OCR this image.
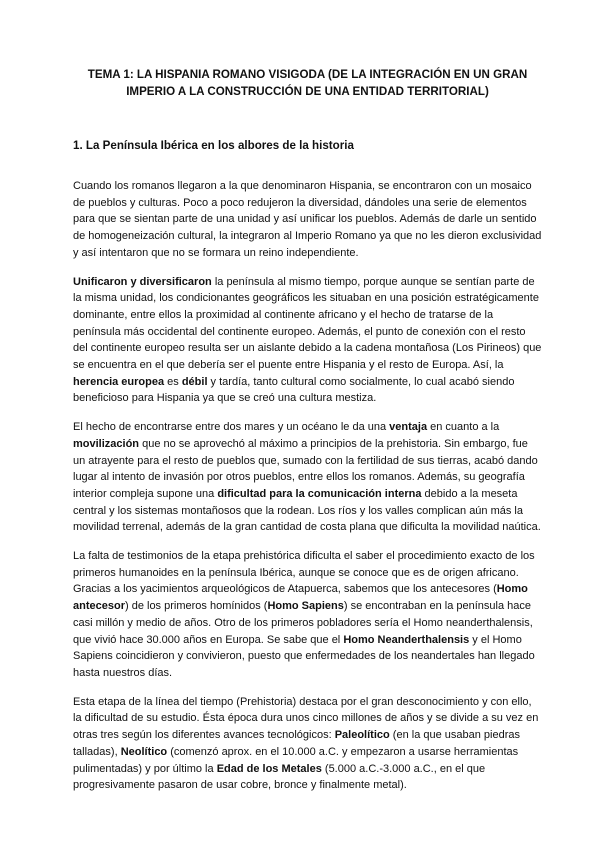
TEMA 1: LA HISPANIA ROMANO VISIGODA (DE LA INTEGRACIÓN EN UN GRAN IMPERIO A LA CONSTRUCCIÓN DE UNA ENTIDAD TERRITORIAL)
1. La Península Ibérica en los albores de la historia

Cuando los romanos llegaron a la que denominaron Hispania, se encontraron con un mosaico de pueblos y culturas. Poco a poco redujeron la diversidad, dándoles una serie de elementos para que se sientan parte de una unidad y así unificar los pueblos. Además de darle un sentido de homogeneización cultural, la integraron al Imperio Romano ya que no les dieron exclusividad y así intentaron que no se formara un reino independiente.

Unificaron y diversificaron la península al mismo tiempo, porque aunque se sentían parte de la misma unidad, los condicionantes geográficos les situaban en una posición estratégicamente dominante, entre ellos la proximidad al continente africano y el hecho de tratarse de la península más occidental del continente europeo. Además, el punto de conexión con el resto del continente europeo resulta ser un aislante debido a la cadena montañosa (Los Pirineos) que se encuentra en el que debería ser el puente entre Hispania y el resto de Europa. Así, la herencia europea es débil y tardía, tanto cultural como socialmente, lo cual acabó siendo beneficioso para Hispania ya que se creó una cultura mestiza.

El hecho de encontrarse entre dos mares y un océano le da una ventaja en cuanto a la movilización que no se aprovechó al máximo a principios de la prehistoria. Sin embargo, fue un atrayente para el resto de pueblos que, sumado con la fertilidad de sus tierras, acabó dando lugar al intento de invasión por otros pueblos, entre ellos los romanos. Además, su geografía interior compleja supone una dificultad para la comunicación interna debido a la meseta central y los sistemas montañosos que la rodean. Los ríos y los valles complican aún más la movilidad terrenal, además de la gran cantidad de costa plana que dificulta la movilidad naútica.

La falta de testimonios de la etapa prehistórica dificulta el saber el procedimiento exacto de los primeros humanoides en la península Ibérica, aunque se conoce que es de origen africano. Gracias a los yacimientos arqueológicos de Atapuerca, sabemos que los antecesores (Homo antecesor) de los primeros homínidos (Homo Sapiens) se encontraban en la península hace casi millón y medio de años. Otro de los primeros pobladores sería el Homo neanderthalensis, que vivió hace 30.000 años en Europa. Se sabe que el Homo Neanderthalensis y el Homo Sapiens coincidieron y convivieron, puesto que enfermedades de los neandertales han llegado hasta nuestros días.

Esta etapa de la línea del tiempo (Prehistoria) destaca por el gran desconocimiento y con ello, la dificultad de su estudio. Ésta época dura unos cinco millones de años y se divide a su vez en otras tres según los diferentes avances tecnológicos: Paleolítico (en la que usaban piedras talladas), Neolítico (comenzó aprox. en el 10.000 a.C. y empezaron a usarse herramientas pulimentadas) y por último la Edad de los Metales (5.000 a.C.-3.000 a.C., en el que progresivamente pasaron de usar cobre, bronce y finalmente metal).
